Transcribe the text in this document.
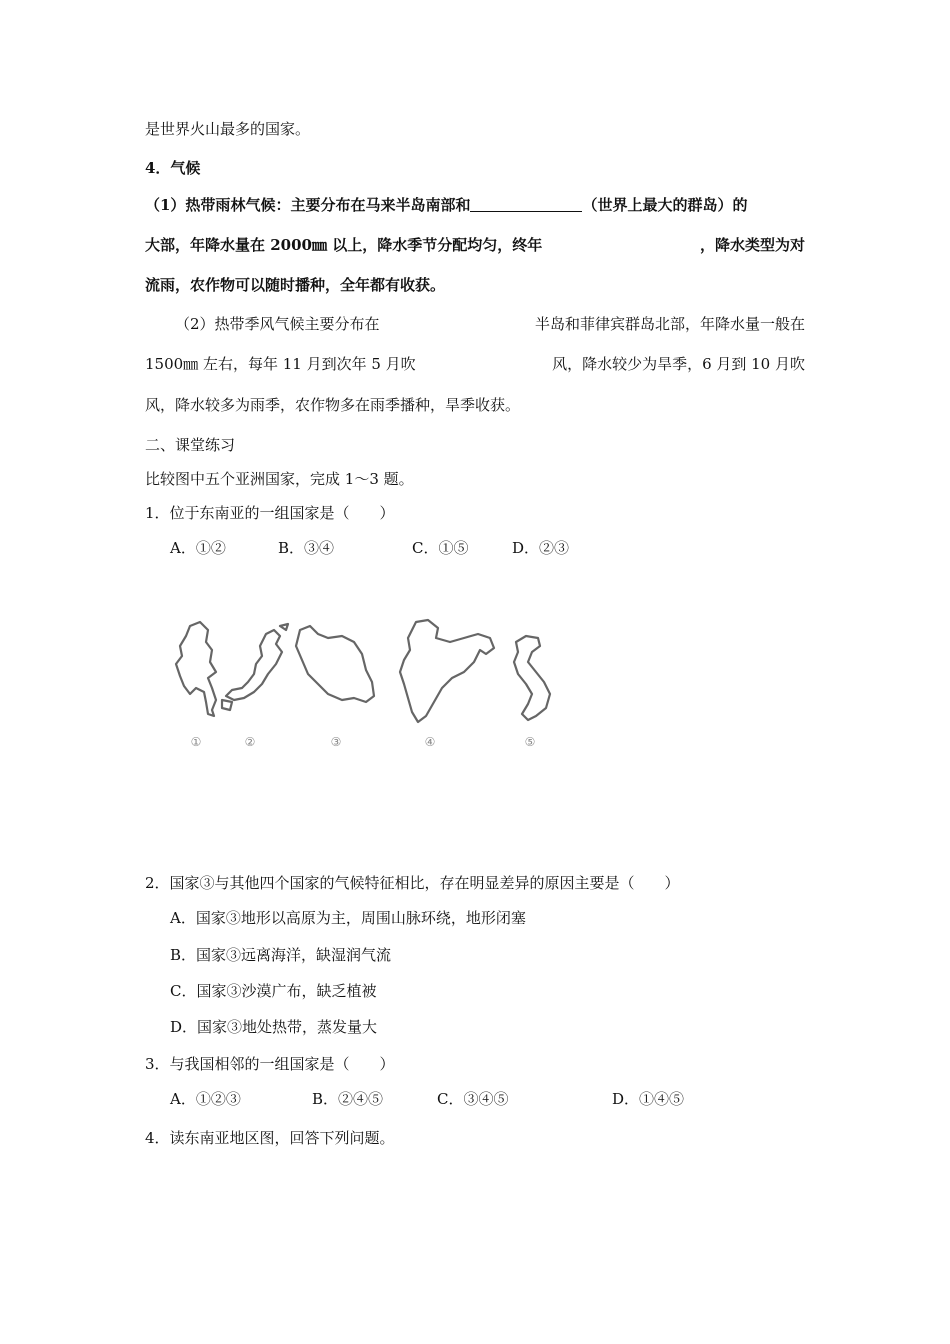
是世界火山最多的国家。
4．气候
（1）热带雨林气候：主要分布在马来半岛南部和	（世界上最大的群岛）的
大部，年降水量在 2000㎜ 以上，降水季节分配均匀，终年	，降水类型为对
流雨，农作物可以随时播种，全年都有收获。
（2）热带季风气候主要分布在	半岛和菲律宾群岛北部，年降水量一般在
1500㎜ 左右，每年 11 月到次年 5 月吹	风，降水较少为旱季，6 月到 10 月吹
风，降水较多为雨季，农作物多在雨季播种，旱季收获。
二、课堂练习
比较图中五个亚洲国家，完成 1～3 题。
1．位于东南亚的一组国家是（　　）
A．①②	B．③④	C．①⑤	D．②③
①	②	③	④	⑤
2．国家③与其他四个国家的气候特征相比，存在明显差异的原因主要是（　　）
A．国家③地形以高原为主，周围山脉环绕，地形闭塞
B．国家③远离海洋，缺湿润气流
C．国家③沙漠广布，缺乏植被
D．国家③地处热带，蒸发量大
3．与我国相邻的一组国家是（　　）
A．①②③	B．②④⑤	C．③④⑤	D．①④⑤
4．读东南亚地区图，回答下列问题。
